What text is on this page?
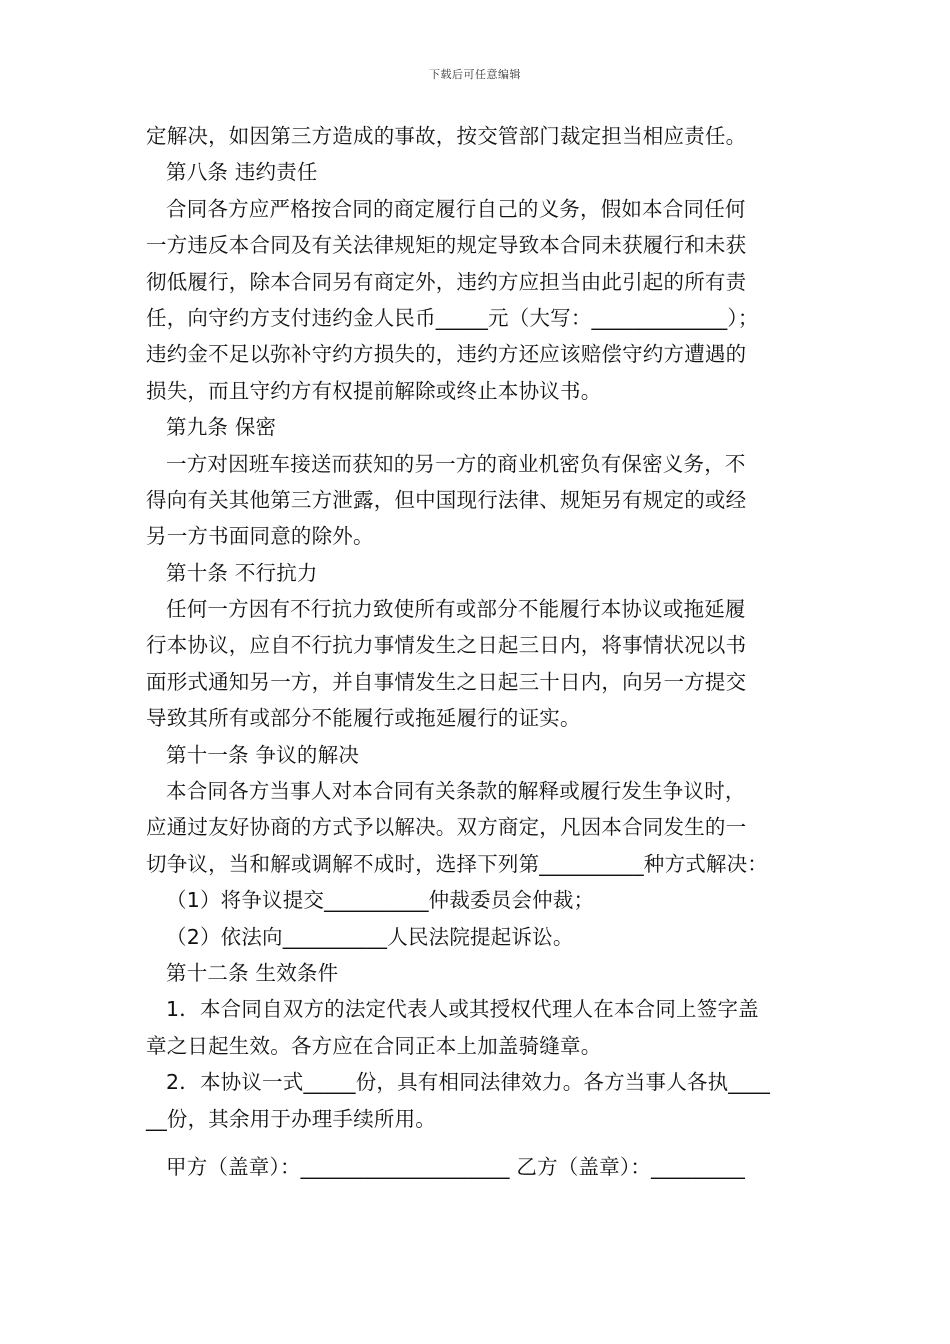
下载后可任意编辑
定解决，如因第三方造成的事故，按交管部门裁定担当相应责任。
第八条 违约责任
合同各方应严格按合同的商定履行自己的义务，假如本合同任何
一方违反本合同及有关法律规矩的规定导致本合同未获履行和未获
彻低履行，除本合同另有商定外，违约方应担当由此引起的所有责
任，向守约方支付违约金人民币_____元（大写：_____________）；
违约金不足以弥补守约方损失的，违约方还应该赔偿守约方遭遇的
损失，而且守约方有权提前解除或终止本协议书。
第九条 保密
一方对因班车接送而获知的另一方的商业机密负有保密义务，不
得向有关其他第三方泄露，但中国现行法律、规矩另有规定的或经
另一方书面同意的除外。
第十条 不行抗力
任何一方因有不行抗力致使所有或部分不能履行本协议或拖延履
行本协议，应自不行抗力事情发生之日起三日内，将事情状况以书
面形式通知另一方，并自事情发生之日起三十日内，向另一方提交
导致其所有或部分不能履行或拖延履行的证实。
第十一条 争议的解决
本合同各方当事人对本合同有关条款的解释或履行发生争议时，
应通过友好协商的方式予以解决。双方商定，凡因本合同发生的一
切争议，当和解或调解不成时，选择下列第__________种方式解决：
（1）将争议提交__________仲裁委员会仲裁；
（2）依法向__________人民法院提起诉讼。
第十二条 生效条件
1．本合同自双方的法定代表人或其授权代理人在本合同上签字盖
章之日起生效。各方应在合同正本上加盖骑缝章。
2．本协议一式_____份，具有相同法律效力。各方当事人各执____
__份，其余用于办理手续所用。
甲方（盖章）：____________________ 乙方（盖章）：_________
